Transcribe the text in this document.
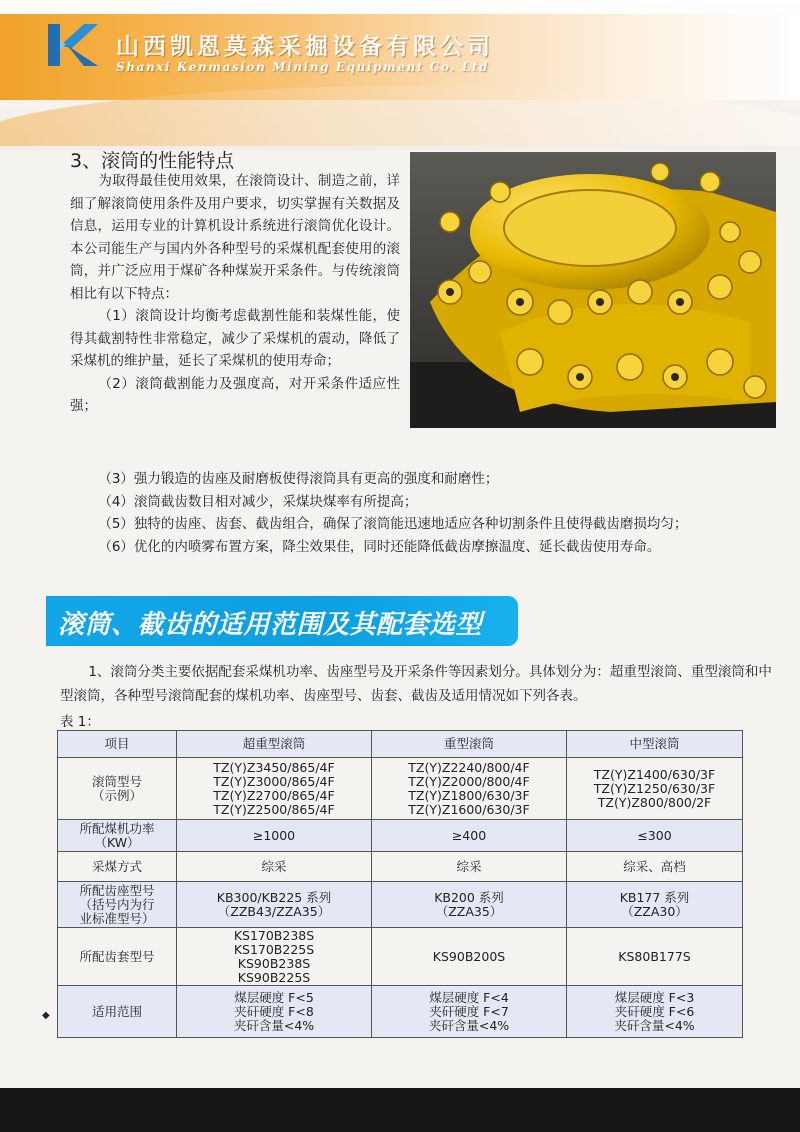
山西凯恩莫森采掘设备有限公司
Shanxi Kenmasion Mining Equipment Co. Ltd
3、滚筒的性能特点

为取得最佳使用效果，在滚筒设计、制造之前，详细了解滚筒使用条件及用户要求，切实掌握有关数据及信息，运用专业的计算机设计系统进行滚筒优化设计。本公司能生产与国内外各种型号的采煤机配套使用的滚筒，并广泛应用于煤矿各种煤炭开采条件。与传统滚筒相比有以下特点：

（1）滚筒设计均衡考虑截割性能和装煤性能，使得其截割特性非常稳定，减少了采煤机的震动，降低了采煤机的维护量，延长了采煤机的使用寿命；

（2）滚筒截割能力及强度高，对开采条件适应性强；

（3）强力锻造的齿座及耐磨板使得滚筒具有更高的强度和耐磨性；

（4）滚筒截齿数目相对减少，采煤块煤率有所提高；

（5）独特的齿座、齿套、截齿组合，确保了滚筒能迅速地适应各种切割条件且使得截齿磨损均匀；

（6）优化的内喷雾布置方案，降尘效果佳，同时还能降低截齿摩擦温度、延长截齿使用寿命。

滚筒、截齿的适用范围及其配套选型

1、滚筒分类主要依据配套采煤机功率、齿座型号及开采条件等因素划分。具体划分为：超重型滚筒、重型滚筒和中型滚筒，各种型号滚筒配套的煤机功率、齿座型号、齿套、截齿及适用情况如下列各表。

表 1：
项目	超重型滚筒	重型滚筒	中型滚筒
滚筒型号
（示例）	TZ(Y)Z3450/865/4F
TZ(Y)Z3000/865/4F
TZ(Y)Z2700/865/4F
TZ(Y)Z2500/865/4F	TZ(Y)Z2240/800/4F
TZ(Y)Z2000/800/4F
TZ(Y)Z1800/630/3F
TZ(Y)Z1600/630/3F	TZ(Y)Z1400/630/3F
TZ(Y)Z1250/630/3F
TZ(Y)Z800/800/2F
所配煤机功率
（KW）	≥1000	≥400	≤300
采煤方式	综采	综采	综采、高档
所配齿座型号
（括号内为行
业标准型号）	KB300/KB225 系列
（ZZB43/ZZA35）	KB200 系列
（ZZA35）	KB177 系列
（ZZA30）
所配齿套型号	KS170B238S
KS170B225S
KS90B238S
KS90B225S	KS90B200S	KS80B177S
适用范围	煤层硬度 F<5
夹矸硬度 F<8
夹矸含量<4%	煤层硬度 F<4
夹矸硬度 F<7
夹矸含量<4%	煤层硬度 F<3
夹矸硬度 F<6
夹矸含量<4%
◆
